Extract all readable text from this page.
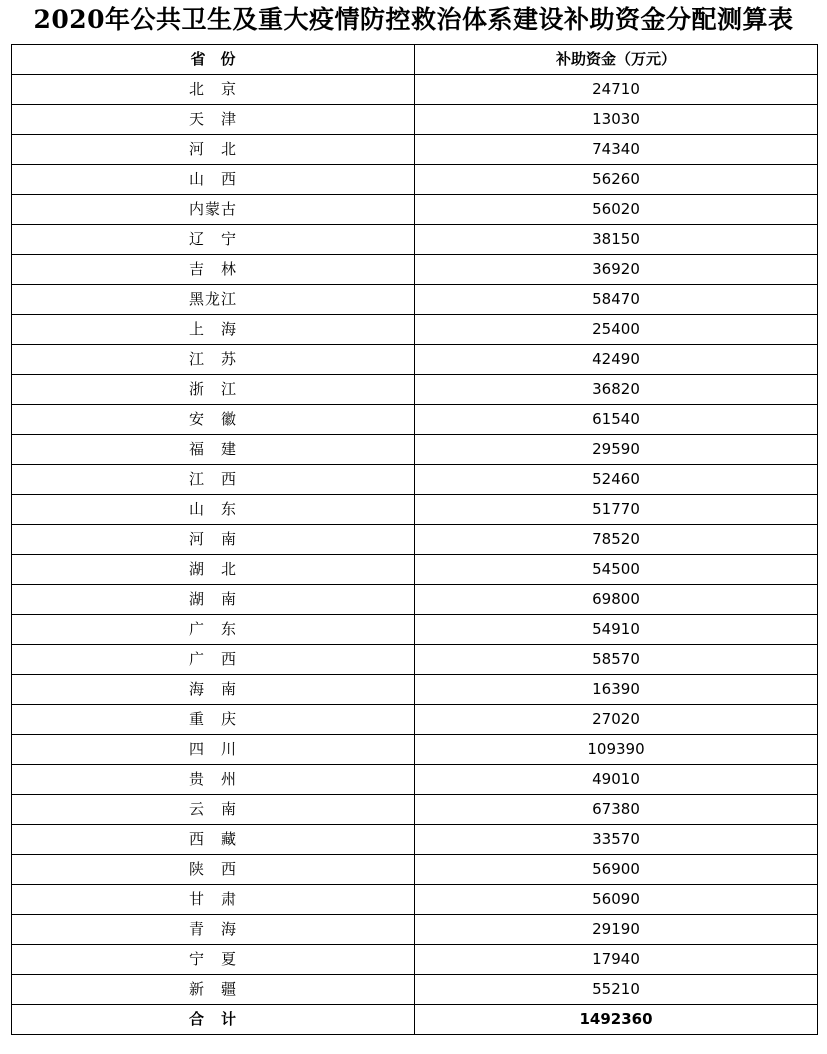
2020年公共卫生及重大疫情防控救治体系建设补助资金分配测算表
省　份	补助资金（万元）
北　京	24710
天　津	13030
河　北	74340
山　西	56260
内蒙古	56020
辽　宁	38150
吉　林	36920
黑龙江	58470
上　海	25400
江　苏	42490
浙　江	36820
安　徽	61540
福　建	29590
江　西	52460
山　东	51770
河　南	78520
湖　北	54500
湖　南	69800
广　东	54910
广　西	58570
海　南	16390
重　庆	27020
四　川	109390
贵　州	49010
云　南	67380
西　藏	33570
陕　西	56900
甘　肃	56090
青　海	29190
宁　夏	17940
新　疆	55210
合　计	1492360
